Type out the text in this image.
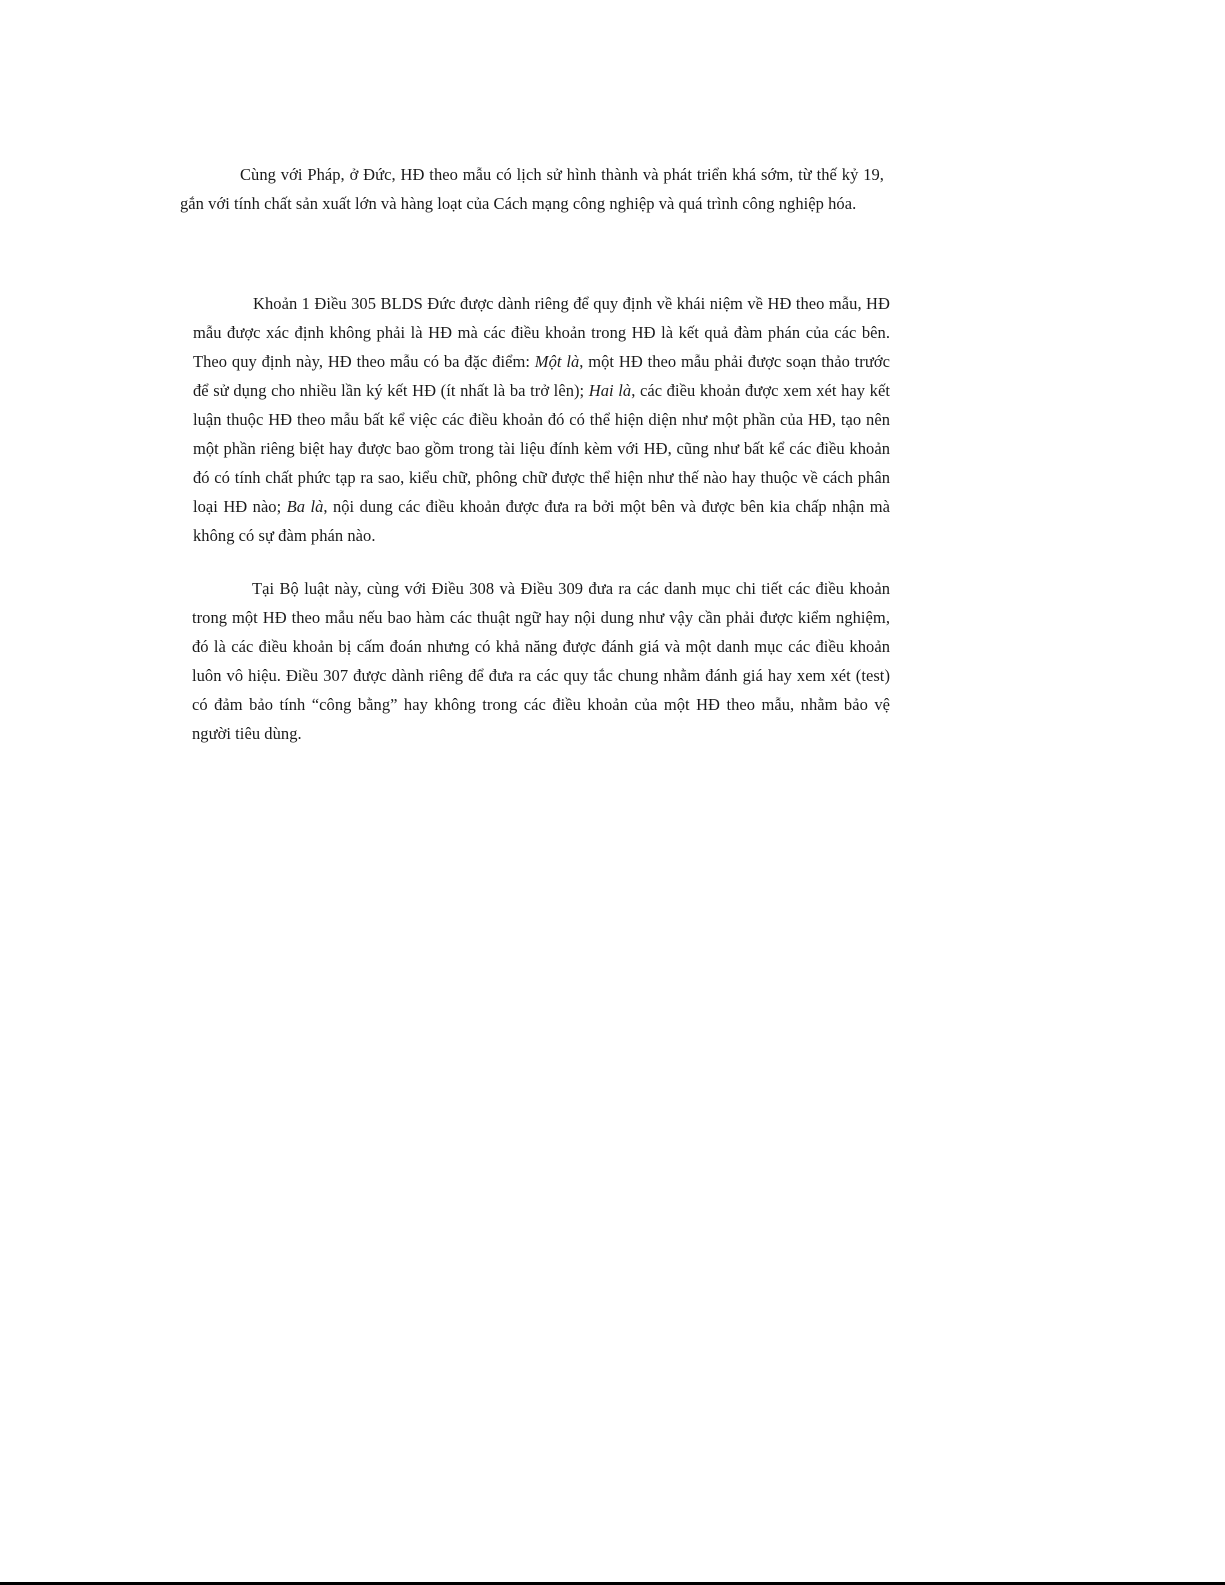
Cùng với Pháp, ở Đức, HĐ theo mẫu có lịch sử hình thành và phát triển khá sớm, từ thế kỷ 19, gắn với tính chất sản xuất lớn và hàng loạt của Cách mạng công nghiệp và quá trình công nghiệp hóa.

Khoản 1 Điều 305 BLDS Đức được dành riêng để quy định về khái niệm về HĐ theo mẫu, HĐ mẫu được xác định không phải là HĐ mà các điều khoản trong HĐ là kết quả đàm phán của các bên. Theo quy định này, HĐ theo mẫu có ba đặc điểm: Một là, một HĐ theo mẫu phải được soạn thảo trước để sử dụng cho nhiều lần ký kết HĐ (ít nhất là ba trở lên); Hai là, các điều khoản được xem xét hay kết luận thuộc HĐ theo mẫu bất kể việc các điều khoản đó có thể hiện diện như một phần của HĐ, tạo nên một phần riêng biệt hay được bao gồm trong tài liệu đính kèm với HĐ, cũng như bất kể các điều khoản đó có tính chất phức tạp ra sao, kiểu chữ, phông chữ được thể hiện như thế nào hay thuộc về cách phân loại HĐ nào; Ba là, nội dung các điều khoản được đưa ra bởi một bên và được bên kia chấp nhận mà không có sự đàm phán nào.

Tại Bộ luật này, cùng với Điều 308 và Điều 309 đưa ra các danh mục chi tiết các điều khoản trong một HĐ theo mẫu nếu bao hàm các thuật ngữ hay nội dung như vậy cần phải được kiểm nghiệm, đó là các điều khoản bị cấm đoán nhưng có khả năng được đánh giá và một danh mục các điều khoản luôn vô hiệu. Điều 307 được dành riêng để đưa ra các quy tắc chung nhằm đánh giá hay xem xét (test) có đảm bảo tính “công bằng” hay không trong các điều khoản của một HĐ theo mẫu, nhằm bảo vệ người tiêu dùng.
